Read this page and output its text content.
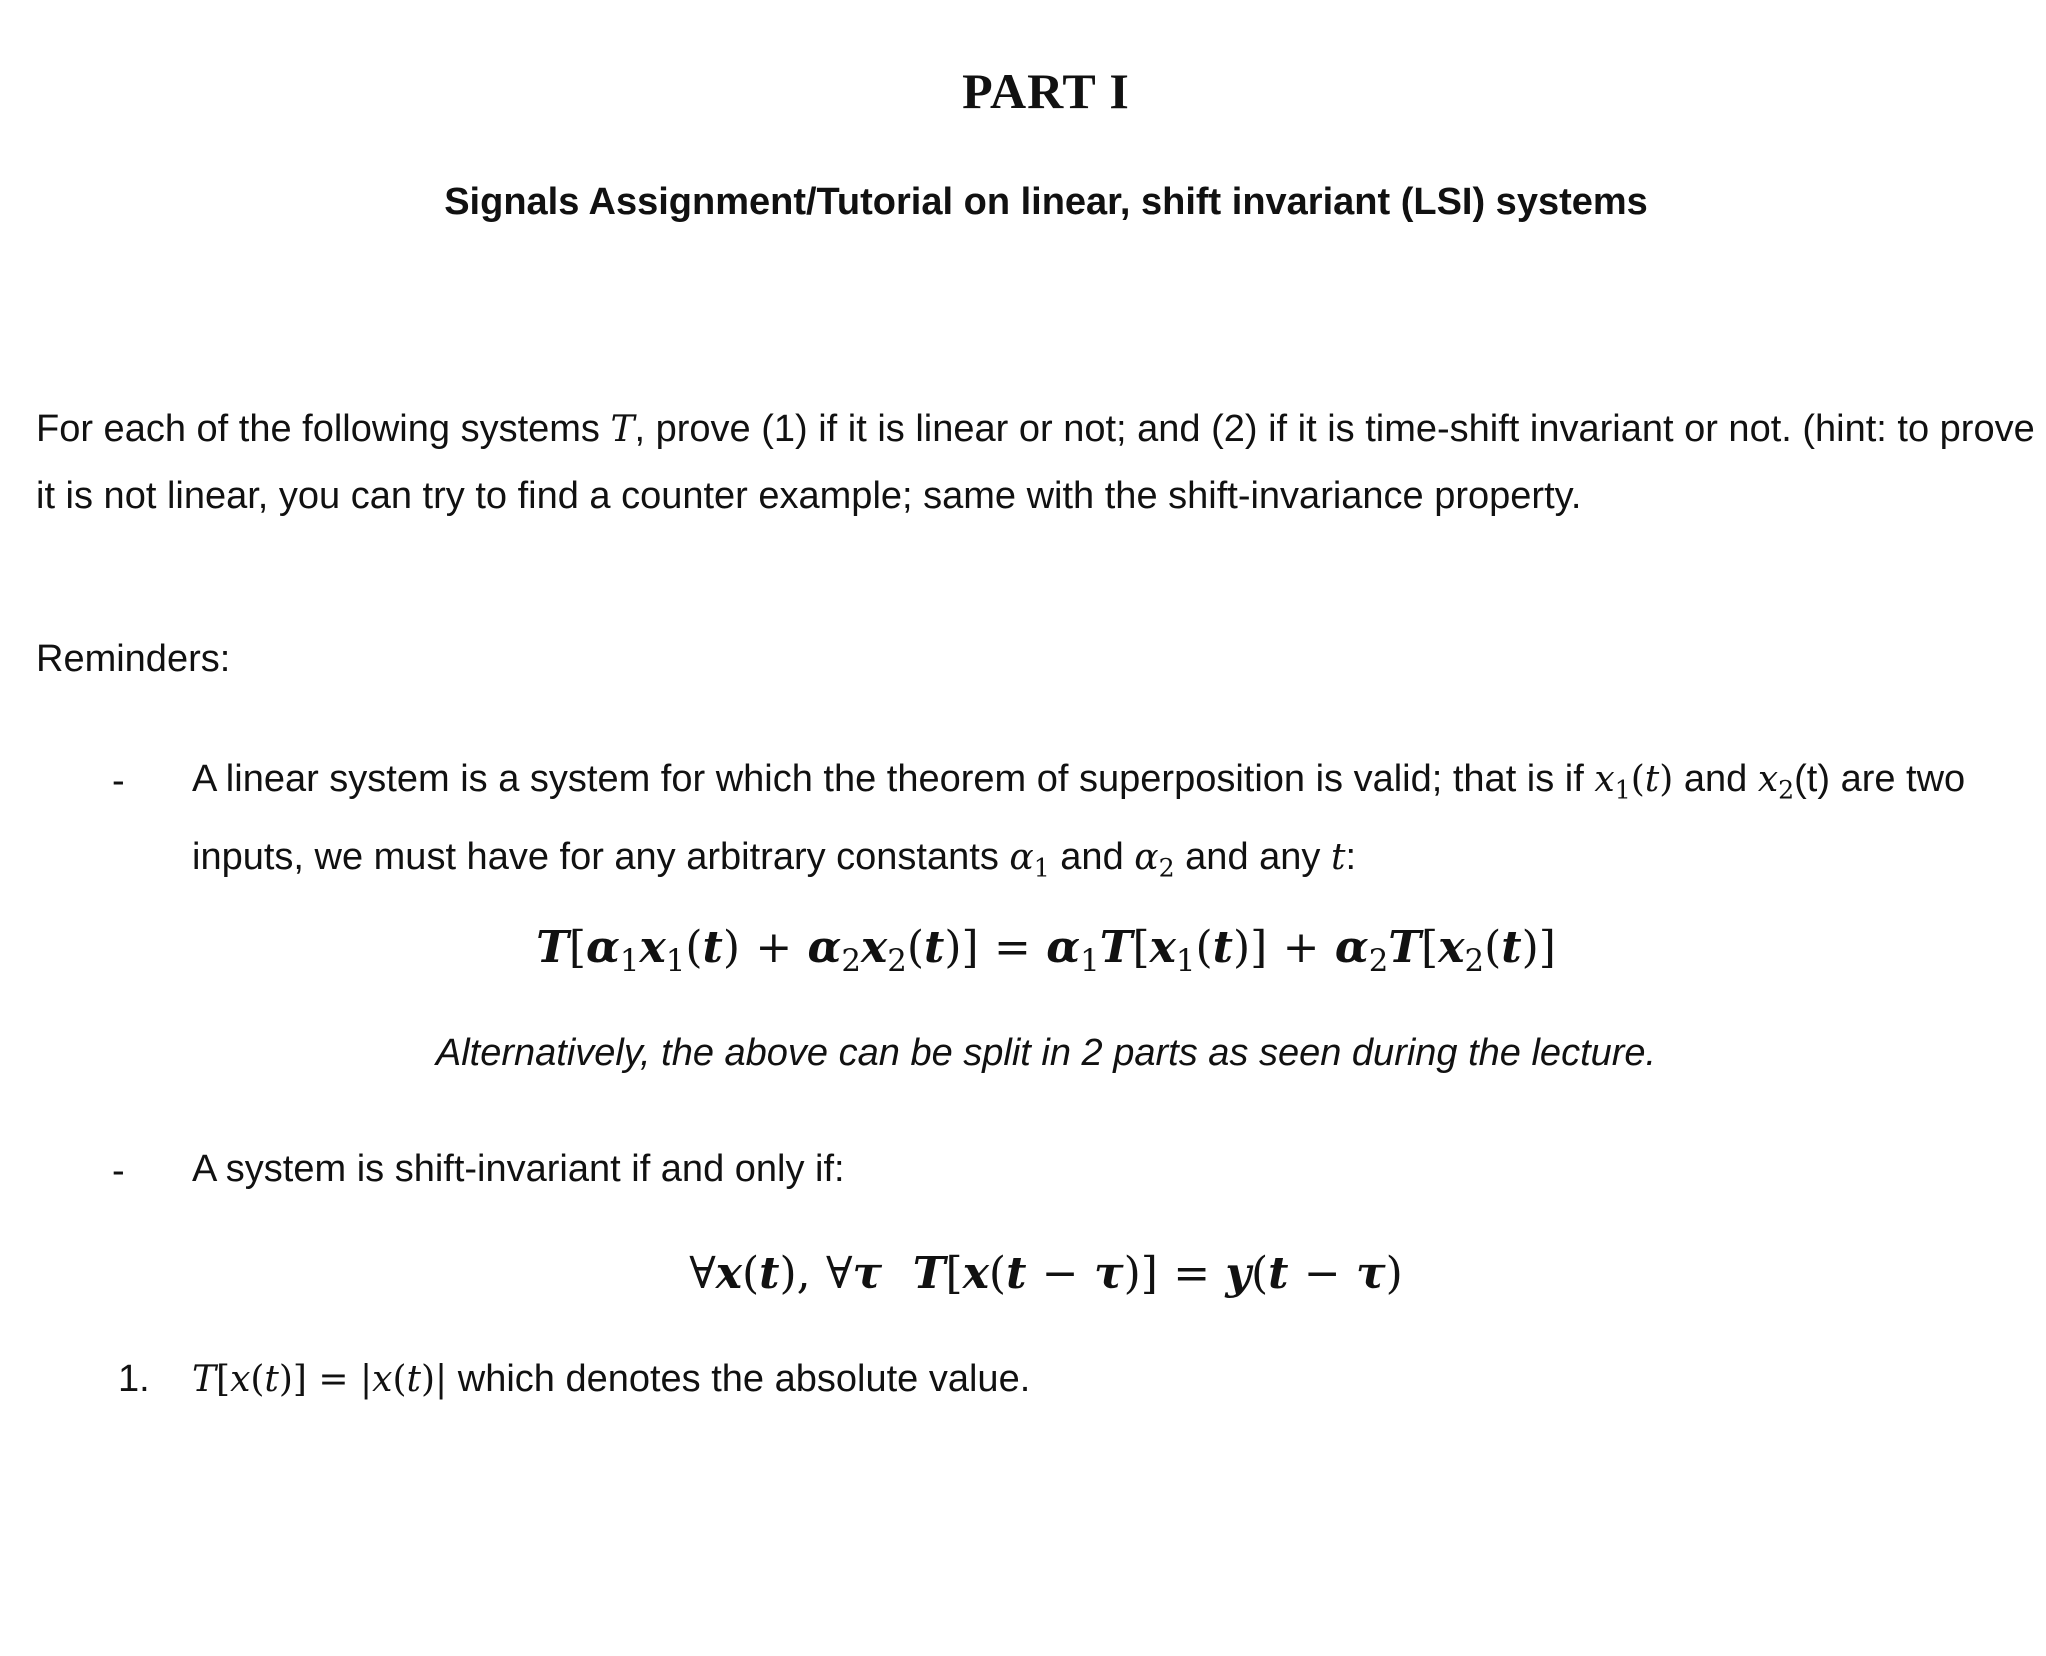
PART I
Signals Assignment/Tutorial on linear, shift invariant (LSI) systems
For each of the following systems T, prove (1) if it is linear or not; and (2) if it is time-shift invariant or not. (hint: to prove it is not linear, you can try to find a counter example; same with the shift-invariance property.
Reminders:
- A linear system is a system for which the theorem of superposition is valid; that is if $x_1(t)$ and $x_2(t)$ are two inputs, we must have for any arbitrary constants $\alpha_1$ and $\alpha_2$ and any t:
$T[\alpha_1x_1(t) + \alpha_2x_2(t)] = \alpha_1T[x_1(t)] + \alpha_2T[x_2(t)]$
Alternatively, the above can be split in 2 parts as seen during the lecture.
- A system is shift-invariant if and only if:
∀x(t), ∀τ  T[x(t − τ)] = y(t − τ)
1. T[x(t)] = |x(t)| which denotes the absolute value.
